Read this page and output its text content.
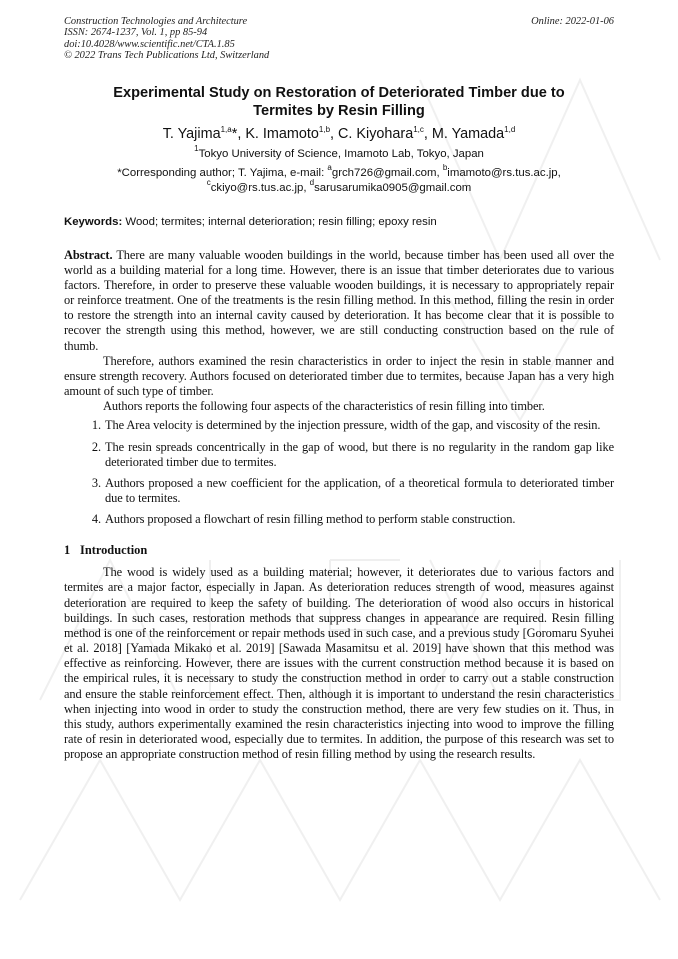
Construction Technologies and Architecture
ISSN: 2674-1237, Vol. 1, pp 85-94
doi:10.4028/www.scientific.net/CTA.1.85
© 2022 Trans Tech Publications Ltd, Switzerland
Online: 2022-01-06
Experimental Study on Restoration of Deteriorated Timber due to Termites by Resin Filling
T. Yajima$^{1,a}$*, K. Imamoto$^{1,b}$, C. Kiyohara$^{1,c}$, M. Yamada$^{1,d}$
$^1$Tokyo University of Science, Imamoto Lab, Tokyo, Japan
*Corresponding author; T. Yajima, e-mail: $^a$grch726@gmail.com, $^b$imamoto@rs.tus.ac.jp,
$^c$ckiyo@rs.tus.ac.jp, $^d$sarusarumika0905@gmail.com
Keywords: Wood; termites; internal deterioration; resin filling; epoxy resin

Abstract. There are many valuable wooden buildings in the world, because timber has been used all over the world as a building material for a long time. However, there is an issue that timber deteriorates due to various factors. Therefore, in order to preserve these valuable wooden buildings, it is necessary to appropriately repair or reinforce treatment. One of the treatments is the resin filling method. In this method, filling the resin in order to restore the strength into an internal cavity caused by deterioration. It has become clear that it is possible to recover the strength using this method, however, we are still conducting construction based on the rule of thumb.

Therefore, authors examined the resin characteristics in order to inject the resin in stable manner and ensure strength recovery. Authors focused on deteriorated timber due to termites, because Japan has a very high amount of such type of timber.

Authors reports the following four aspects of the characteristics of resin filling into timber.

1. The Area velocity is determined by the injection pressure, width of the gap, and viscosity of the resin.
2. The resin spreads concentrically in the gap of wood, but there is no regularity in the random gap like deteriorated timber due to termites.
3. Authors proposed a new coefficient for the application, of a theoretical formula to deteriorated timber due to termites.
4. Authors proposed a flowchart of resin filling method to perform stable construction.
1 Introduction

The wood is widely used as a building material; however, it deteriorates due to various factors and termites are a major factor, especially in Japan. As deterioration reduces strength of wood, measures against deterioration are required to keep the safety of building. The deterioration of wood also occurs in historical buildings. In such cases, restoration methods that suppress changes in appearance are required. Resin filling method is one of the reinforcement or repair methods used in such case, and a previous study [Goromaru Syuhei et al. 2018] [Yamada Mikako et al. 2019] [Sawada Masamitsu et al. 2019] have shown that this method was effective as reinforcing. However, there are issues with the current construction method because it is based on the empirical rules, it is necessary to study the construction method in order to carry out a stable construction and ensure the stable reinforcement effect. Then, although it is important to understand the resin characteristics when injecting into wood in order to study the construction method, there are very few studies on it. Thus, in this study, authors experimentally examined the resin characteristics injecting into wood to improve the filling rate of resin in deteriorated wood, especially due to termites. In addition, the purpose of this research was set to propose an appropriate construction method of resin filling method by using the research results.
